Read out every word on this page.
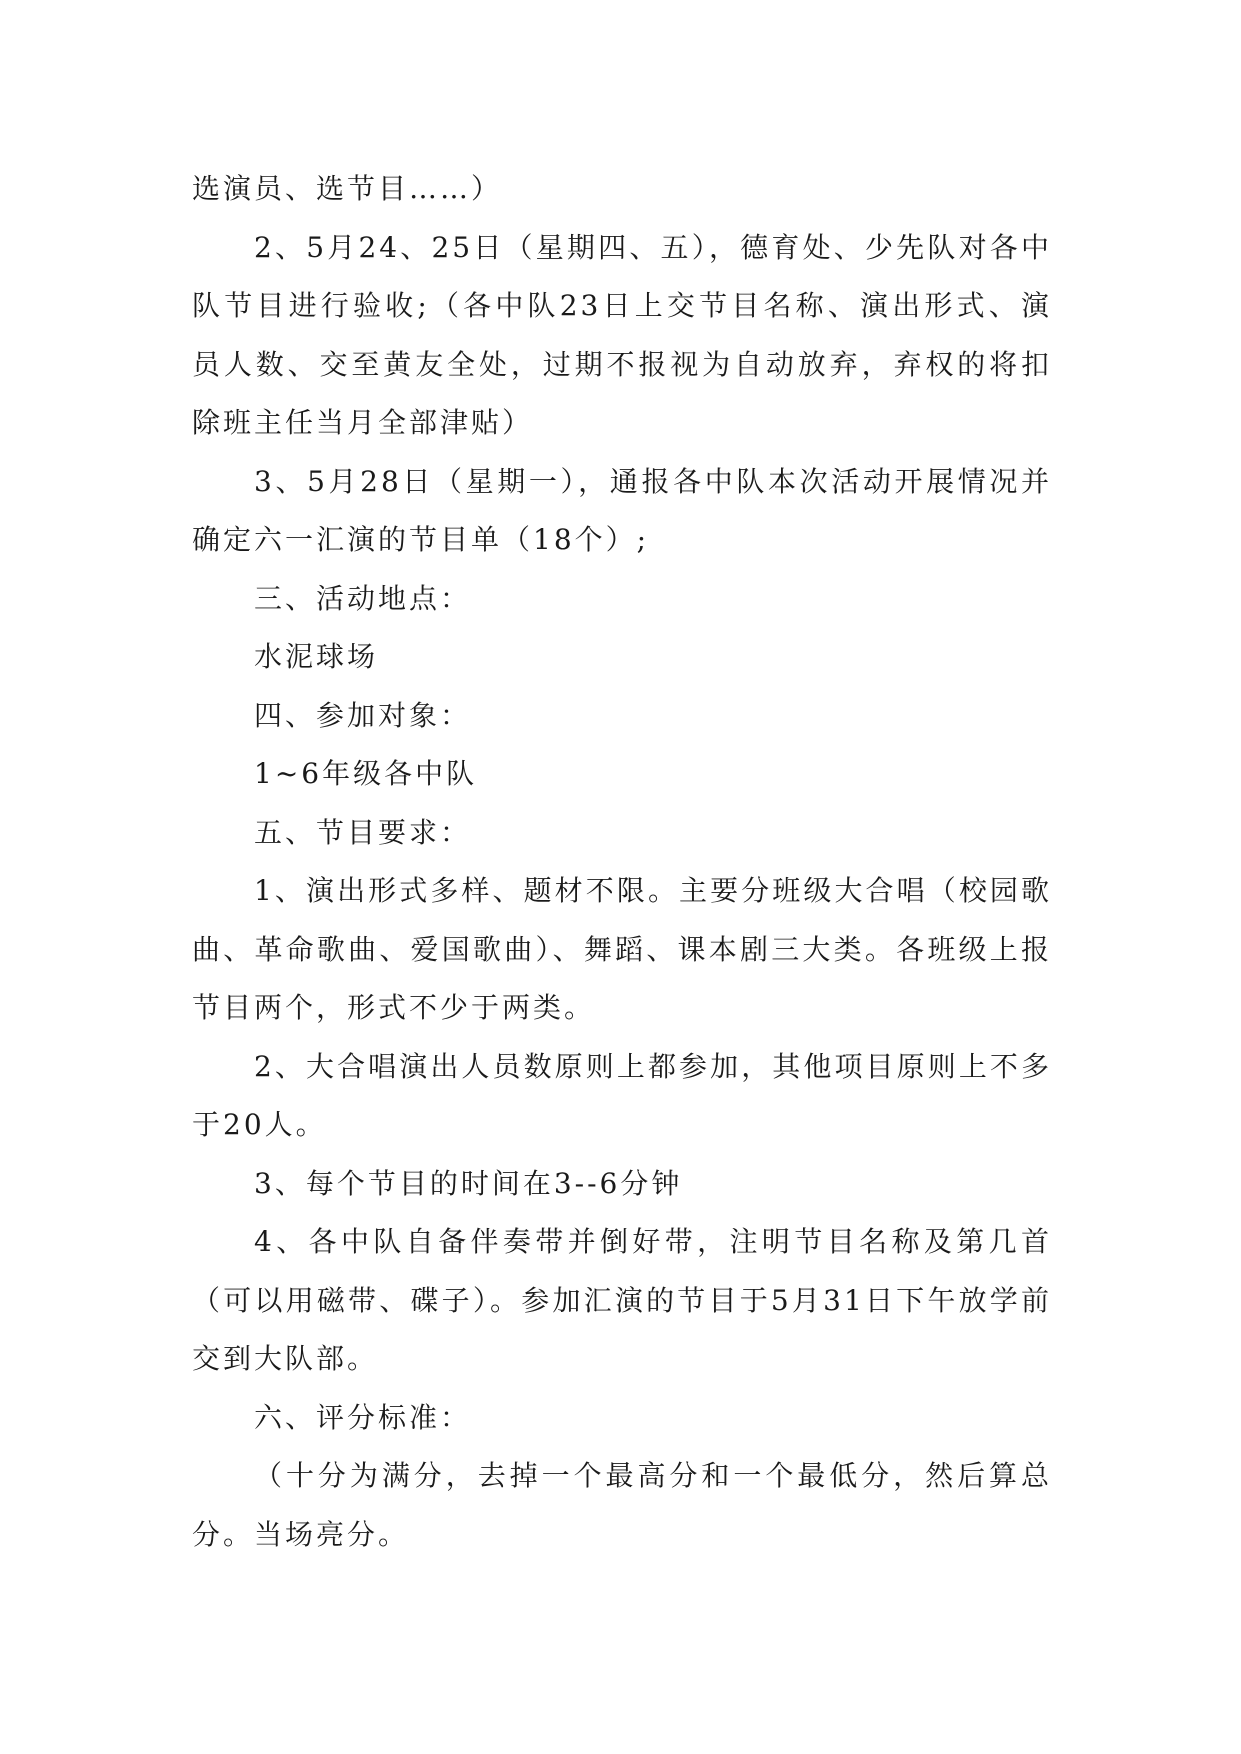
选演员、选节目……）

2、5月24、25日（星期四、五），德育处、少先队对各中队节目进行验收;（各中队23日上交节目名称、演出形式、演员人数、交至黄友全处，过期不报视为自动放弃，弃权的将扣除班主任当月全部津贴）

3、5月28日（星期一），通报各中队本次活动开展情况并确定六一汇演的节目单（18个）;

三、活动地点：

水泥球场

四、参加对象：

1~6年级各中队

五、节目要求：

1、演出形式多样、题材不限。主要分班级大合唱（校园歌曲、革命歌曲、爱国歌曲）、舞蹈、课本剧三大类。各班级上报节目两个，形式不少于两类。

2、大合唱演出人员数原则上都参加，其他项目原则上不多于20人。

3、每个节目的时间在3--6分钟

4、各中队自备伴奏带并倒好带，注明节目名称及第几首（可以用磁带、碟子）。参加汇演的节目于5月31日下午放学前交到大队部。

六、评分标准：

（十分为满分，去掉一个最高分和一个最低分，然后算总分。当场亮分。
